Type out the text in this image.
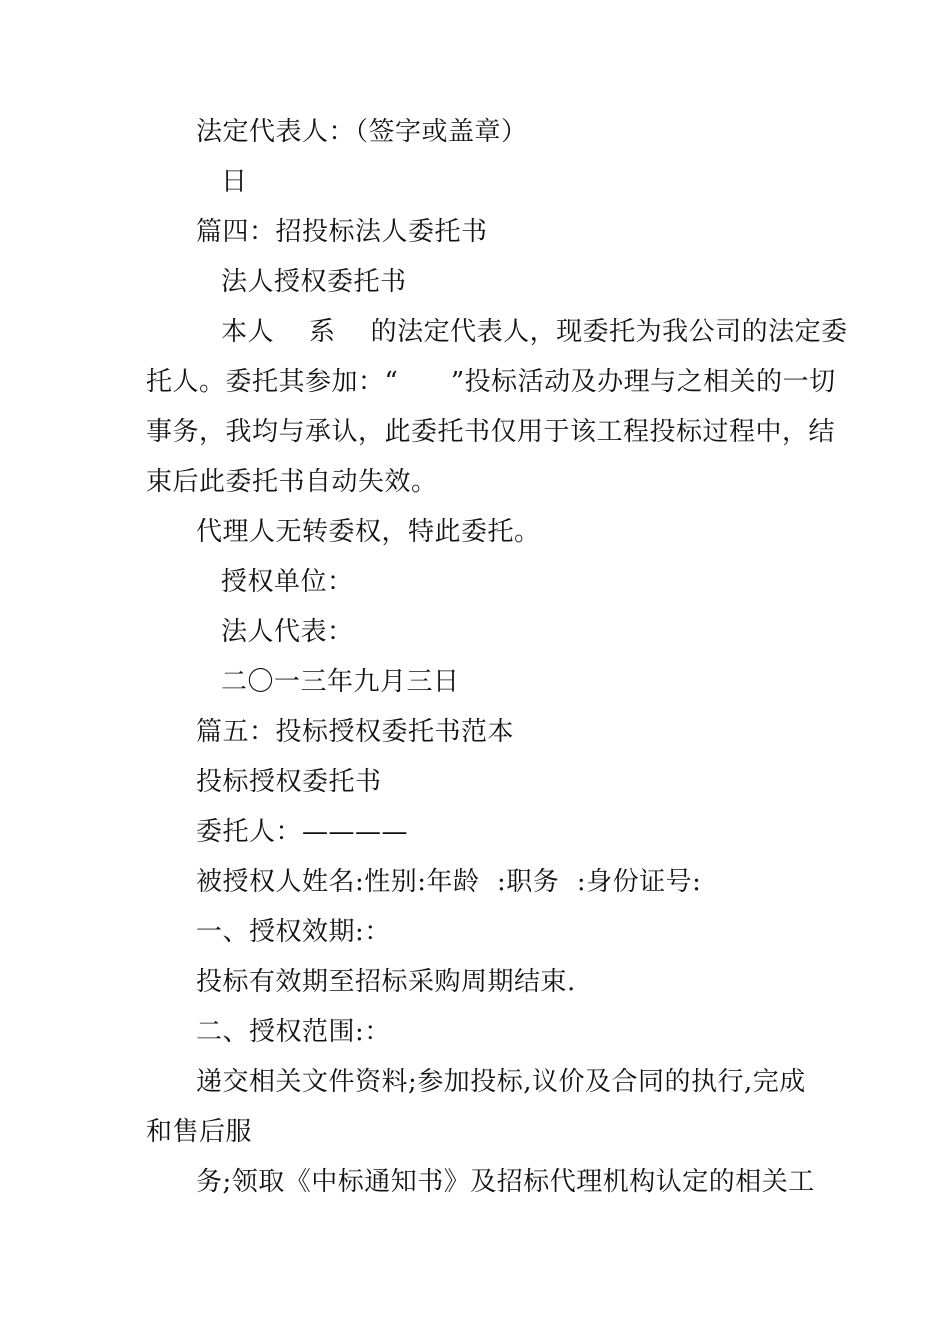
法定代表人：（签字或盖章）
日
篇四：招投标法人委托书
法人授权委托书
本人    系    的法定代表人，现委托为我公司的法定委
托人。委托其参加：“      ”投标活动及办理与之相关的一切
事务，我均与承认，此委托书仅用于该工程投标过程中，结
束后此委托书自动失效。
代理人无转委权，特此委托。
授权单位：
法人代表：
二〇一三年九月三日
篇五：投标授权委托书范本
投标授权委托书
委托人：————
被授权人姓名:性别:年龄  :职务  :身份证号:
一、授权效期:：
投标有效期至招标采购周期结束.
二、授权范围:：
递交相关文件资料;参加投标,议价及合同的执行,完成
和售后服
务;领取《中标通知书》及招标代理机构认定的相关工
